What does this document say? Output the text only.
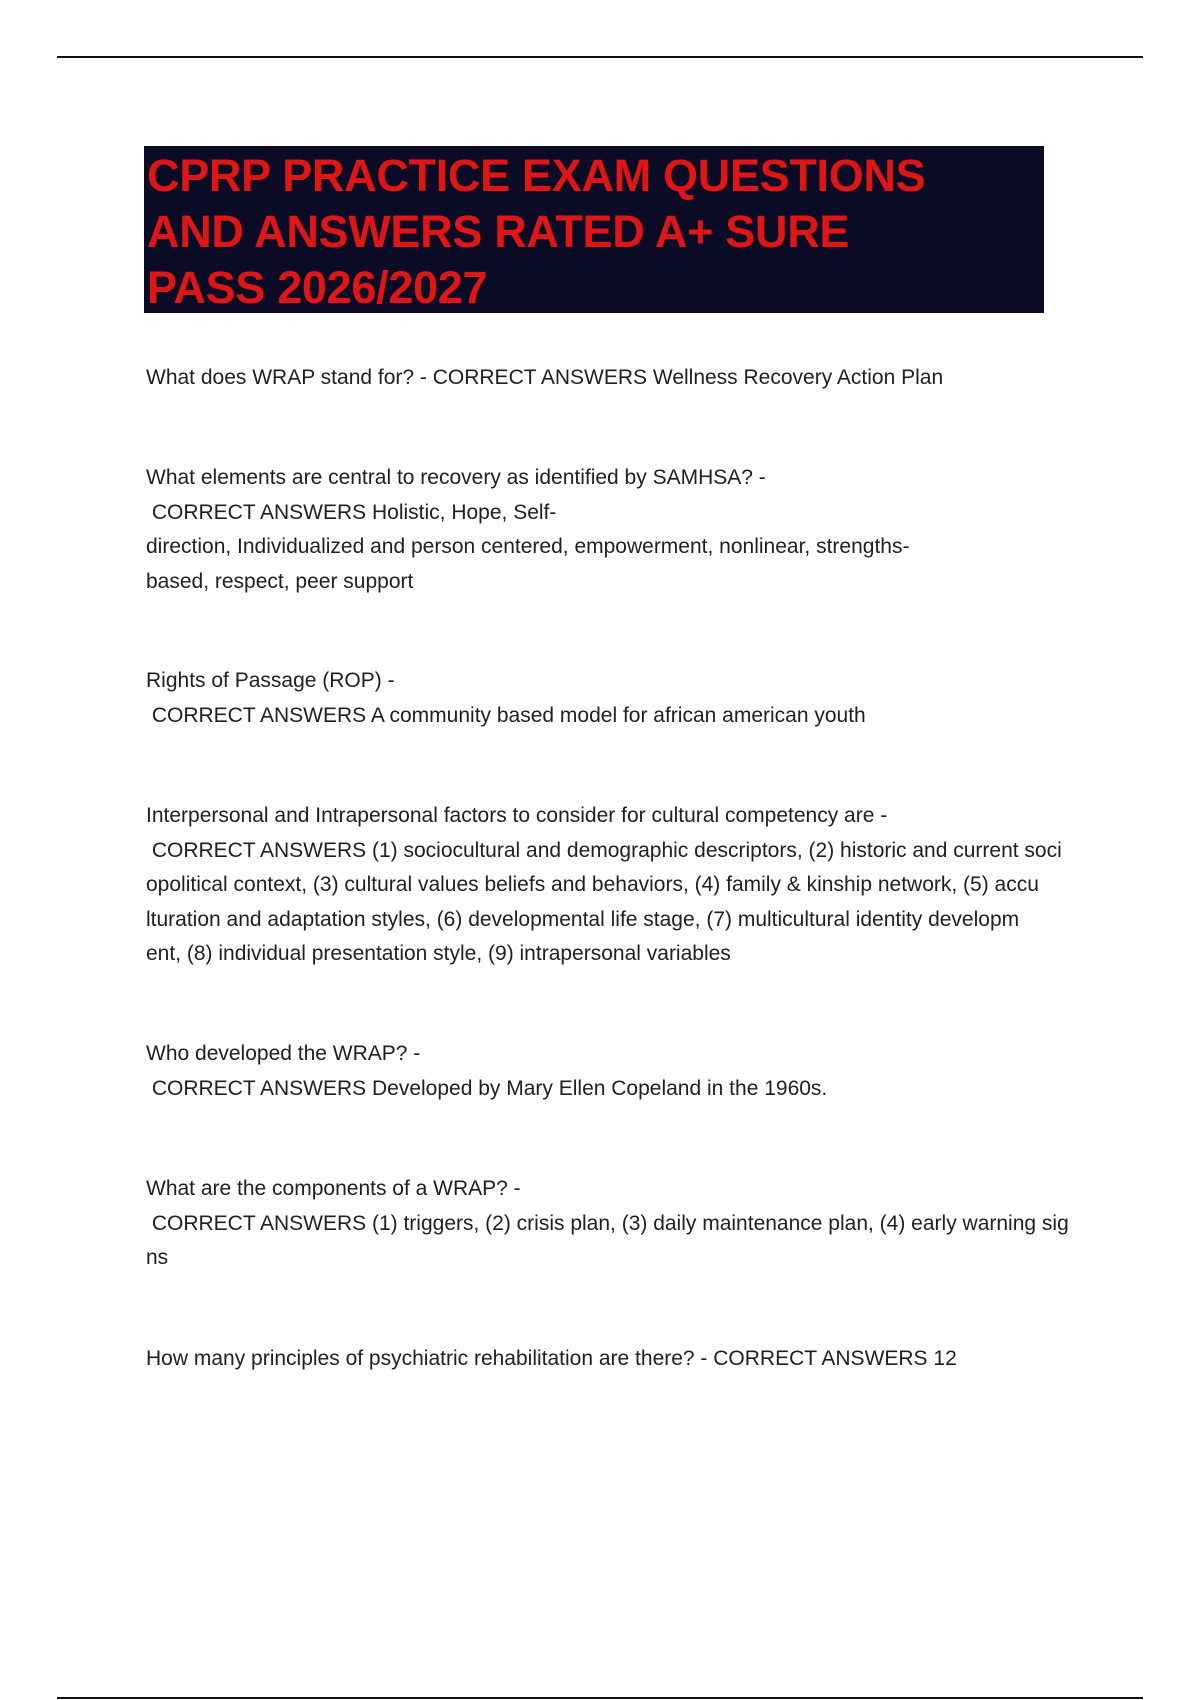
CPRP PRACTICE EXAM QUESTIONS
AND ANSWERS RATED A+ SURE
PASS 2026/2027

What does WRAP stand for? - CORRECT ANSWERS Wellness Recovery Action Plan
What elements are central to recovery as identified by SAMHSA? -
CORRECT ANSWERS Holistic, Hope, Self-
direction, Individualized and person centered, empowerment, nonlinear, strengths-
based, respect, peer support
Rights of Passage (ROP) -
CORRECT ANSWERS A community based model for african american youth
Interpersonal and Intrapersonal factors to consider for cultural competency are -
CORRECT ANSWERS (1) sociocultural and demographic descriptors, (2) historic and current soci
opolitical context, (3) cultural values beliefs and behaviors, (4) family & kinship network, (5) accu
lturation and adaptation styles, (6) developmental life stage, (7) multicultural identity developm
ent, (8) individual presentation style, (9) intrapersonal variables
Who developed the WRAP? -
CORRECT ANSWERS Developed by Mary Ellen Copeland in the 1960s.
What are the components of a WRAP? -
CORRECT ANSWERS (1) triggers, (2) crisis plan, (3) daily maintenance plan, (4) early warning sig
ns
How many principles of psychiatric rehabilitation are there? - CORRECT ANSWERS 12
